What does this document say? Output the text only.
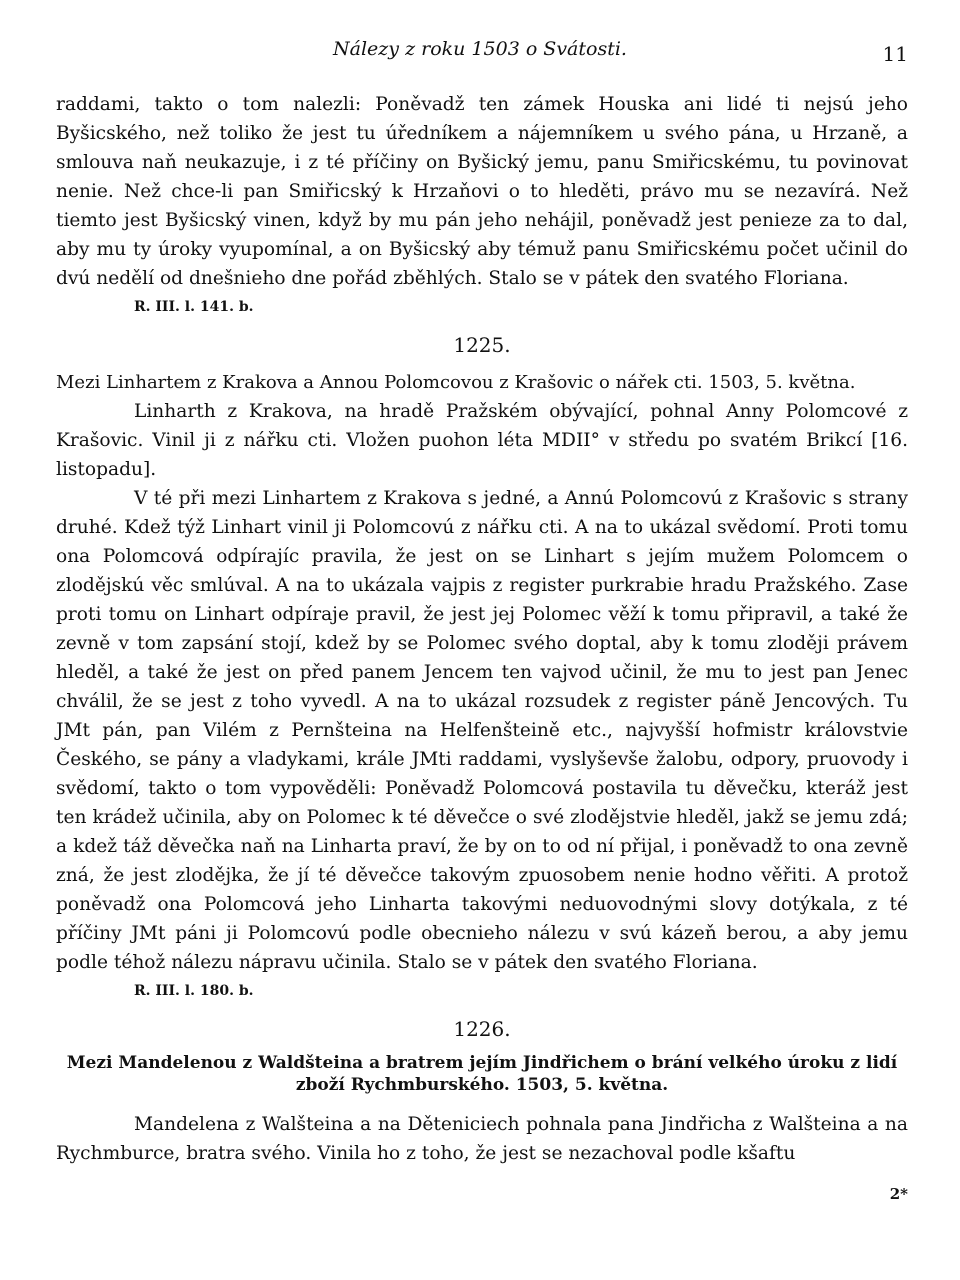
Nálezy z roku 1503 o Svátosti.	11

raddami, takto o tom nalezli: Poněvadž ten zámek Houska ani lidé ti nejsú jeho Byšicského, než toliko že jest tu úředníkem a nájemníkem u svého pána, u Hrzaně, a smlouva naň neukazuje, i z té příčiny on Byšický jemu, panu Smiřicskému, tu povinovat nenie. Než chce-li pan Smiřicský k Hrzaňovi o to hleděti, právo mu se nezavírá. Než tiemto jest Byšicský vinen, když by mu pán jeho nehájil, poněvadž jest penieze za to dal, aby mu ty úroky vyupomínal, a on Byšicský aby témuž panu Smiřicskému počet učinil do dvú nedělí od dnešnieho dne pořád zběhlých. Stalo se v pátek den svatého Floriana.

R. III. l. 141. b.
1225.

Mezi Linhartem z Krakova a Annou Polomcovou z Krašovic o nářek cti. 1503, 5. května.

Linharth z Krakova, na hradě Pražském obývající, pohnal Anny Polomcové z Krašovic. Vinil ji z nářku cti. Vložen puohon léta MDII° v středu po svatém Brikcí [16. listopadu].

V té při mezi Linhartem z Krakova s jedné, a Annú Polomcovú z Krašovic s strany druhé. Kdež týž Linhart vinil ji Polomcovú z nářku cti. A na to ukázal svědomí. Proti tomu ona Polomcová odpírajíc pravila, že jest on se Linhart s jejím mužem Polomcem o zlodějskú věc smlúval. A na to ukázala vajpis z register purkrabie hradu Pražského. Zase proti tomu on Linhart odpíraje pravil, že jest jej Polomec věží k tomu připravil, a také že zevně v tom zapsání stojí, kdež by se Polomec svého doptal, aby k tomu zloději právem hleděl, a také že jest on před panem Jencem ten vajvod učinil, že mu to jest pan Jenec chválil, že se jest z toho vyvedl. A na to ukázal rozsudek z register páně Jencových. Tu JMt pán, pan Vilém z Pernšteina na Helfenšteině etc., najvyšší hofmistr královstvie Českého, se pány a vladykami, krále JMti raddami, vyslyševše žalobu, odpory, pruovody i svědomí, takto o tom vypověděli: Poněvadž Polomcová postavila tu děvečku, kteráž jest ten krádež učinila, aby on Polomec k té děvečce o své zlodějstvie hleděl, jakž se jemu zdá; a kdež táž děvečka naň na Linharta praví, že by on to od ní přijal, i poněvadž to ona zevně zná, že jest zlodějka, že jí té děvečce takovým zpuosobem nenie hodno věřiti. A protož poněvadž ona Polomcová jeho Linharta takovými neduovodnými slovy dotýkala, z té příčiny JMt páni ji Polomcovú podle obecnieho nálezu v svú kázeň berou, a aby jemu podle téhož nálezu nápravu učinila. Stalo se v pátek den svatého Floriana.

R. III. l. 180. b.
1226.
Mezi Mandelenou z Waldšteina a bratrem jejím Jindřichem o brání velkého úroku z lidí zboží Rychmburského. 1503, 5. května.

Mandelena z Walšteina a na Děteniciech pohnala pana Jindřicha z Walšteina a na Rychmburce, bratra svého. Vinila ho z toho, že jest se nezachoval podle kšaftu

2*
